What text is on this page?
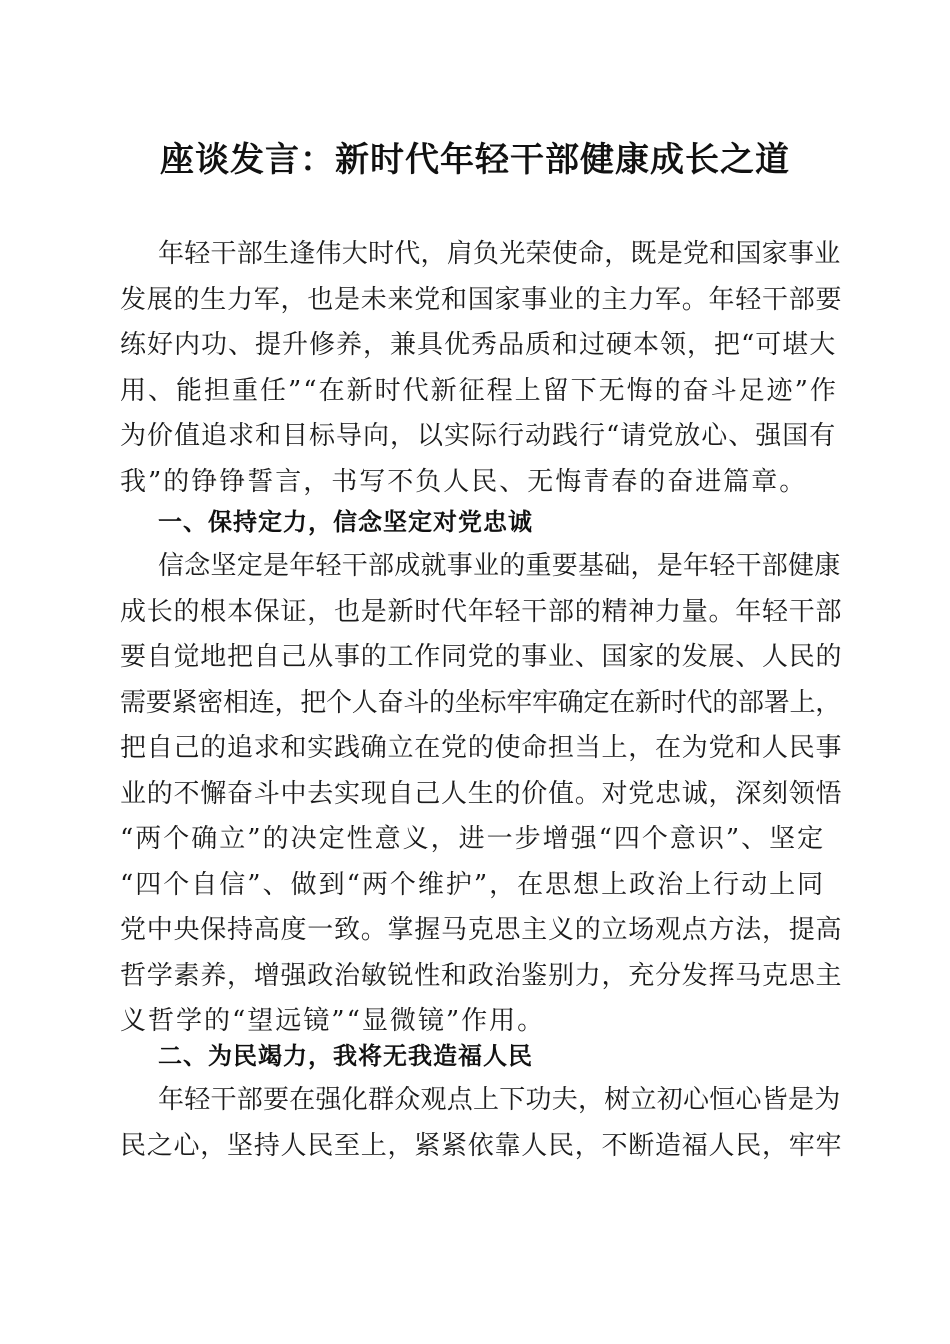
座谈发言：新时代年轻干部健康成长之道
年轻干部生逢伟大时代，肩负光荣使命，既是党和国家事业
发展的生力军，也是未来党和国家事业的主力军。年轻干部要
练好内功、提升修养，兼具优秀品质和过硬本领，把“可堪大
用、能担重任”“在新时代新征程上留下无悔的奋斗足迹”作
为价值追求和目标导向，以实际行动践行“请党放心、强国有
我”的铮铮誓言，书写不负人民、无悔青春的奋进篇章。
一、保持定力，信念坚定对党忠诚
信念坚定是年轻干部成就事业的重要基础，是年轻干部健康
成长的根本保证，也是新时代年轻干部的精神力量。年轻干部
要自觉地把自己从事的工作同党的事业、国家的发展、人民的
需要紧密相连，把个人奋斗的坐标牢牢确定在新时代的部署上，
把自己的追求和实践确立在党的使命担当上，在为党和人民事
业的不懈奋斗中去实现自己人生的价值。对党忠诚，深刻领悟
“两个确立”的决定性意义，进一步增强“四个意识”、坚定
“四个自信”、做到“两个维护”，在思想上政治上行动上同
党中央保持高度一致。掌握马克思主义的立场观点方法，提高
哲学素养，增强政治敏锐性和政治鉴别力，充分发挥马克思主
义哲学的“望远镜”“显微镜”作用。
二、为民竭力，我将无我造福人民
年轻干部要在强化群众观点上下功夫，树立初心恒心皆是为
民之心，坚持人民至上，紧紧依靠人民，不断造福人民，牢牢
